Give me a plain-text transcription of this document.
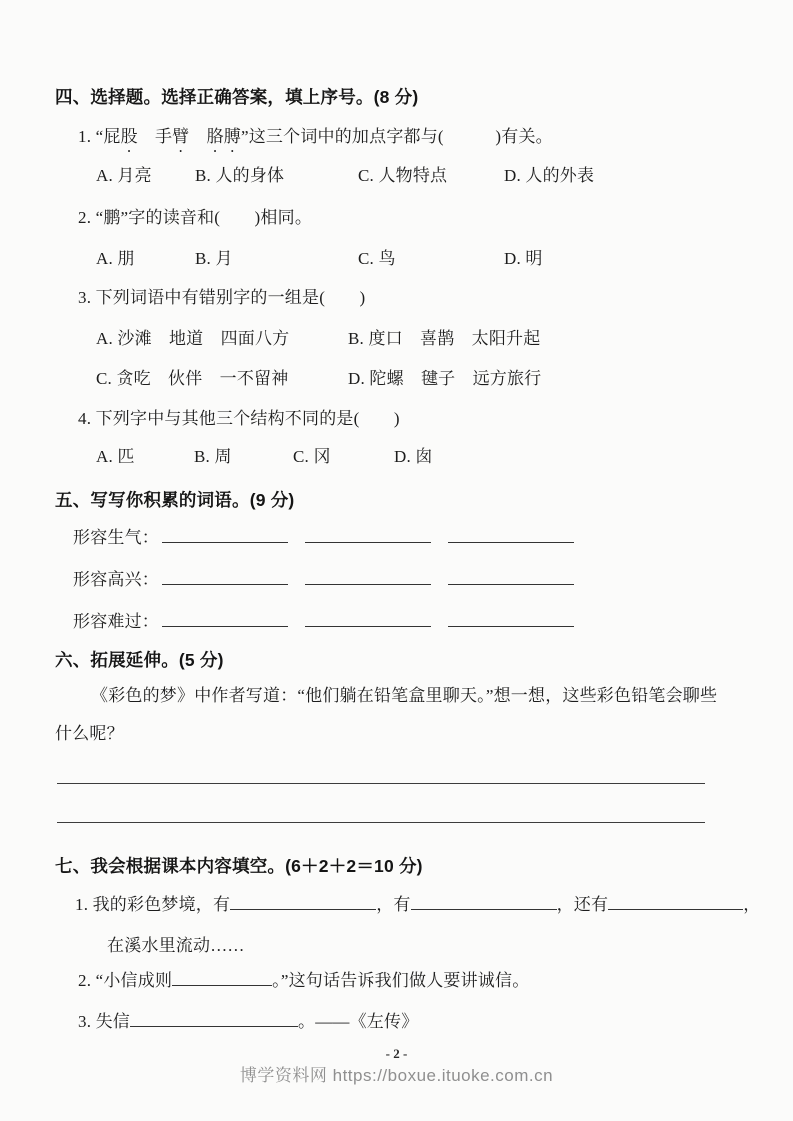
四、选择题。选择正确答案，填上序号。(8 分)
1. “屁股　手臂　 胳膊”这三个词中的加点字都与(　　　)有关。
A. 月亮	B. 人的身体	C. 人物特点	D. 人的外表
2. “鹏”字的读音和(　　)相同。
A. 朋	B. 月	C. 鸟	D. 明
3. 下列词语中有错别字的一组是(　　)
A. 沙滩　地道　四面八方	B. 度口　喜鹊　太阳升起
C. 贪吃　伙伴　一不留神	D. 陀螺　毽子　远方旅行
4. 下列字中与其他三个结构不同的是(　　)
A. 匹	B. 周	C. 冈	D. 囱
五、写写你积累的词语。(9 分)
形容生气：
形容高兴：
形容难过：
六、拓展延伸。(5 分)
《彩色的梦》中作者写道：“他们躺在铅笔盒里聊天。”想一想，这些彩色铅笔会聊些什么呢？
七、我会根据课本内容填空。(6＋2＋2＝10 分)
1. 我的彩色梦境，有	，有	，还有	，
在溪水里流动……
2. “小信成则	。”这句话告诉我们做人要讲诚信。
3. 失信	。——《左传》
- 2 -
博学资料网 https://boxue.ituoke.com.cn
